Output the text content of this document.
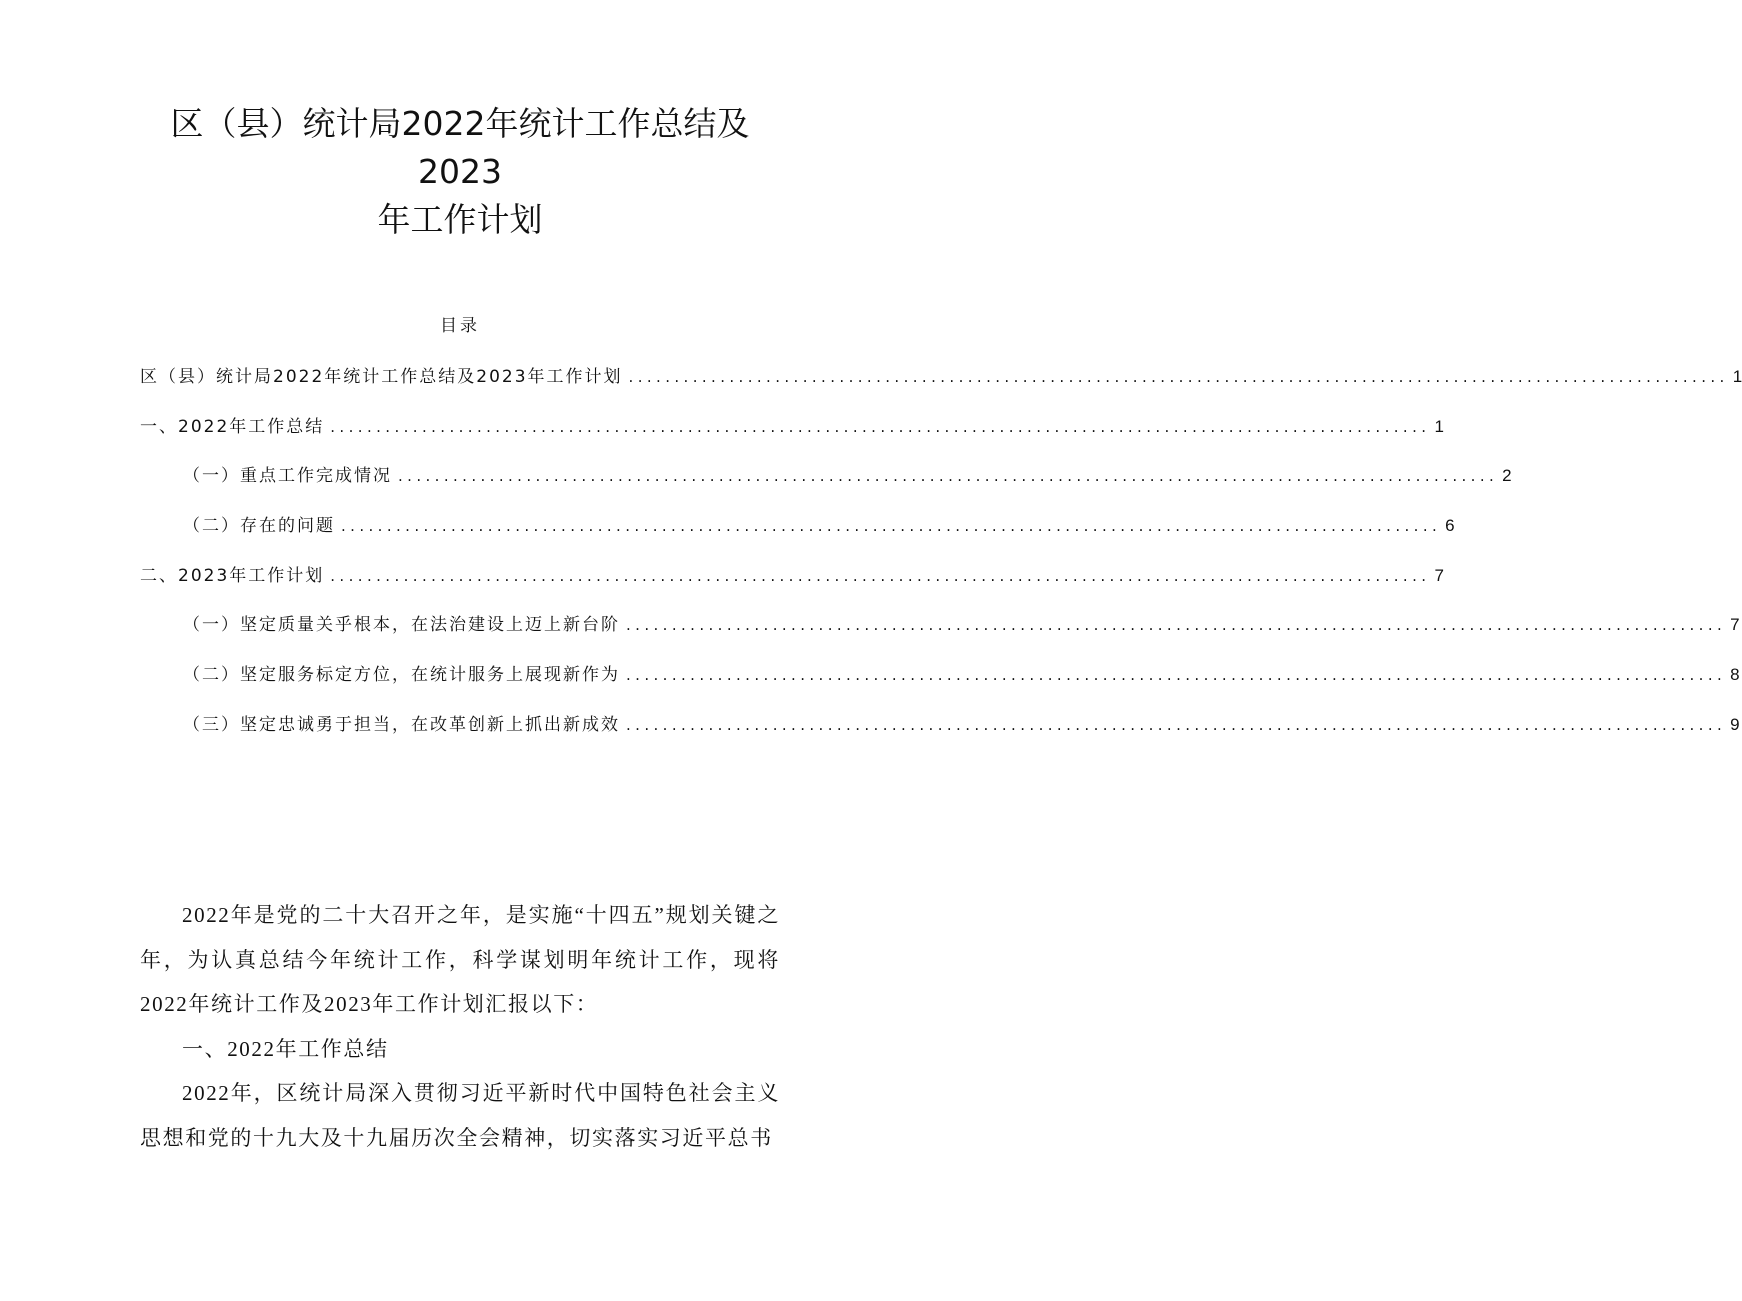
区（县）统计局2022年统计工作总结及
2023
年工作计划
目录
区（县）统计局2022年统计工作总结及2023年工作计划 ........................................................................................................................ 1
一、2022年工作总结 ........................................................................................................................ 1
（一）重点工作完成情况 ........................................................................................................................ 2
（二）存在的问题 ........................................................................................................................ 6
二、2023年工作计划 ........................................................................................................................ 7
（一）坚定质量关乎根本，在法治建设上迈上新台阶 ........................................................................................................................ 7
（二）坚定服务标定方位，在统计服务上展现新作为 ........................................................................................................................ 8
（三）坚定忠诚勇于担当，在改革创新上抓出新成效 ........................................................................................................................ 9

2022年是党的二十大召开之年，是实施“十四五”规划关键之年，为认真总结今年统计工作，科学谋划明年统计工作，现将2022年统计工作及2023年工作计划汇报以下：

一、2022年工作总结

2022年，区统计局深入贯彻习近平新时代中国特色社会主义思想和党的十九大及十九届历次全会精神，切实落实习近平总书
